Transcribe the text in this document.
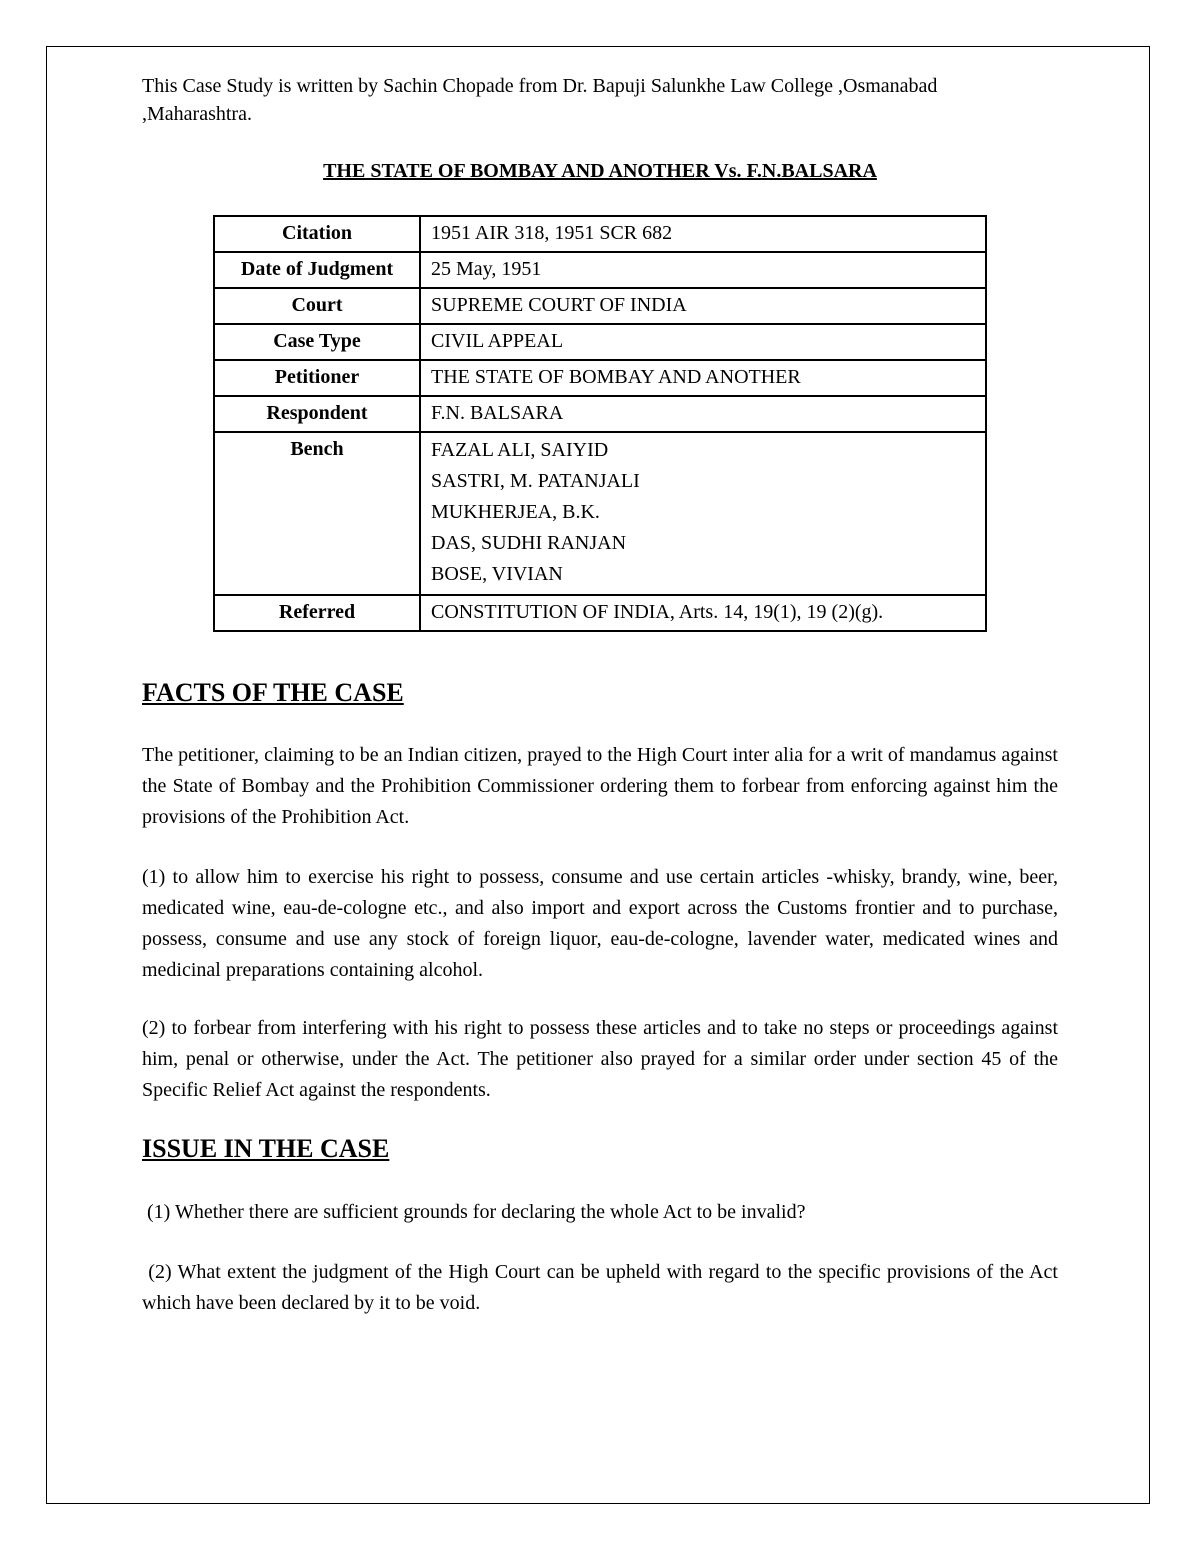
This Case Study is written by Sachin Chopade from Dr. Bapuji Salunkhe Law College ,Osmanabad ,Maharashtra.
THE STATE OF BOMBAY AND ANOTHER Vs. F.N.BALSARA
Citation	1951 AIR 318, 1951 SCR 682
Date of Judgment	25 May, 1951
Court	SUPREME COURT OF INDIA
Case Type	CIVIL APPEAL
Petitioner	THE STATE OF BOMBAY AND ANOTHER
Respondent	F.N. BALSARA
Bench	FAZAL ALI, SAIYID
SASTRI, M. PATANJALI
MUKHERJEA, B.K.
DAS, SUDHI RANJAN
BOSE, VIVIAN

Referred	CONSTITUTION OF INDIA, Arts. 14, 19(1), 19 (2)(g).
FACTS OF THE CASE
The petitioner, claiming to be an Indian citizen, prayed to the High Court inter alia for a writ of mandamus against the State of Bombay and the Prohibition Commissioner ordering them to forbear from enforcing against him the provisions of the Prohibition Act.
(1) to allow him to exercise his right to possess, consume and use certain articles -whisky, brandy, wine, beer, medicated wine, eau-de-cologne etc., and also import and export across the Customs frontier and to purchase, possess, consume and use any stock of foreign liquor, eau-de-cologne, lavender water, medicated wines and medicinal preparations containing alcohol.
(2) to forbear from interfering with his right to possess these articles and to take no steps or proceedings against him, penal or otherwise, under the Act. The petitioner also prayed for a similar order under section 45 of the Specific Relief Act against the respondents.
ISSUE IN THE CASE
(1) Whether there are sufficient grounds for declaring the whole Act to be invalid?
(2) What extent the judgment of the High Court can be upheld with regard to the specific provisions of the Act which have been declared by it to be void.
